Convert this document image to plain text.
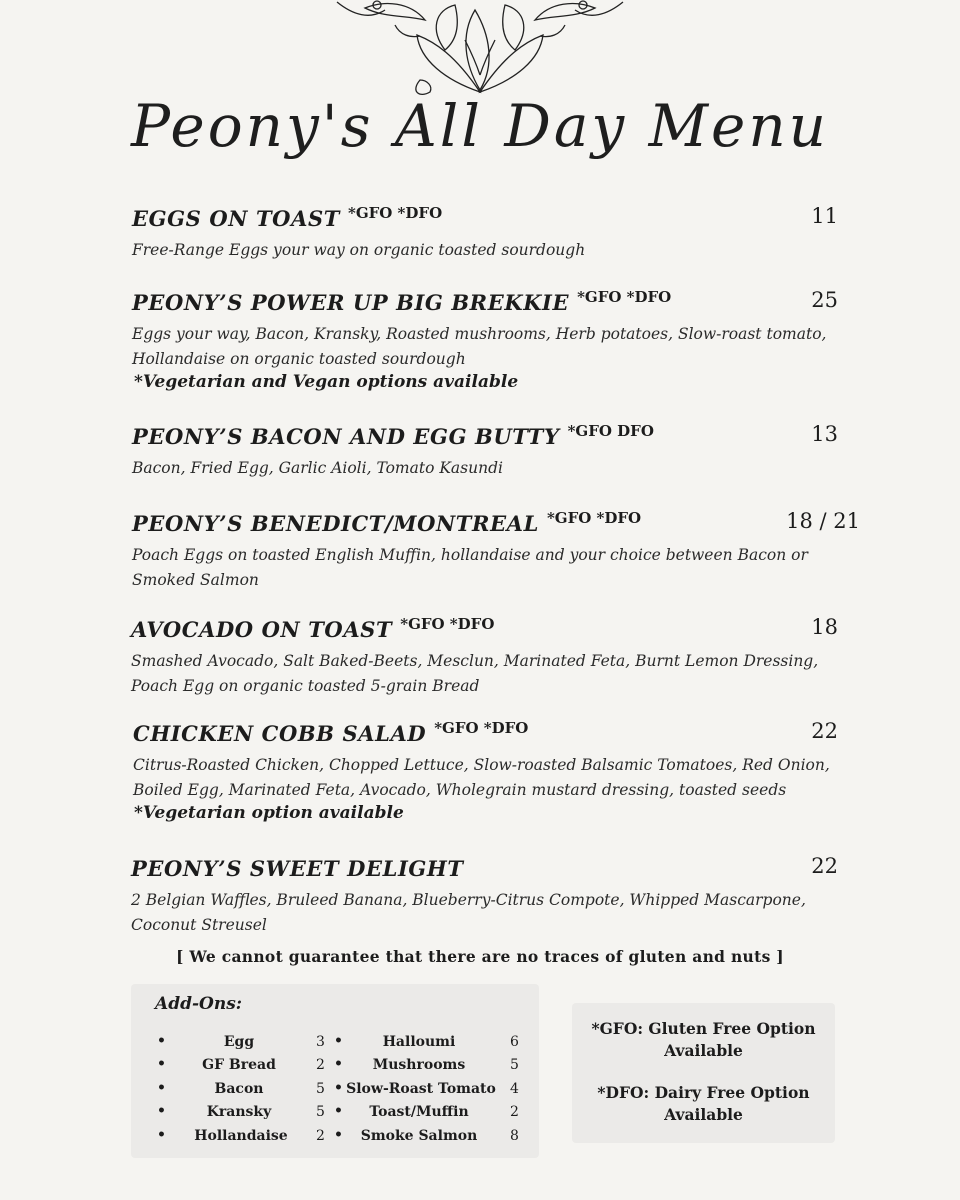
Peony's All Day Menu
EGGS ON TOAST $^{*GFO *DFO}$	11
Free-Range Eggs your way on organic toasted sourdough
PEONY’S POWER UP BIG BREKKIE $^{*GFO *DFO}$	25
Eggs your way, Bacon, Kransky, Roasted mushrooms, Herb potatoes, Slow-roast tomato, Hollandaise on organic toasted sourdough
*Vegetarian and Vegan options available
PEONY’S BACON AND EGG BUTTY $^{*GFO DFO}$	13
Bacon, Fried Egg, Garlic Aioli, Tomato Kasundi
PEONY’S BENEDICT/MONTREAL $^{*GFO *DFO}$	18 / 21
Poach Eggs on toasted English Muffin, hollandaise and your choice between Bacon or Smoked Salmon
AVOCADO ON TOAST $^{*GFO *DFO}$	18
Smashed Avocado, Salt Baked-Beets, Mesclun, Marinated Feta, Burnt Lemon Dressing, Poach Egg on organic toasted 5-grain Bread
CHICKEN COBB SALAD $^{*GFO *DFO}$	22
Citrus-Roasted Chicken, Chopped Lettuce, Slow-roasted Balsamic Tomatoes, Red Onion, Boiled Egg, Marinated Feta, Avocado, Wholegrain mustard dressing, toasted seeds
*Vegetarian option available
PEONY’S SWEET DELIGHT	22
2 Belgian Waffles, Bruleed Banana, Blueberry-Citrus Compote, Whipped Mascarpone, Coconut Streusel
[ We cannot guarantee that there are no traces of gluten and nuts ]
Add-Ons:
•	Egg	3
•	GF Bread	2
•	Bacon	5
•	Kransky	5
•	Hollandaise	2
•	Halloumi	6
•	Mushrooms	5
• Slow-Roast Tomato 4
•	Toast/Muffin	2
•	Smoke Salmon	8
*GFO: Gluten Free Option
Available
*DFO: Dairy Free Option
Available
